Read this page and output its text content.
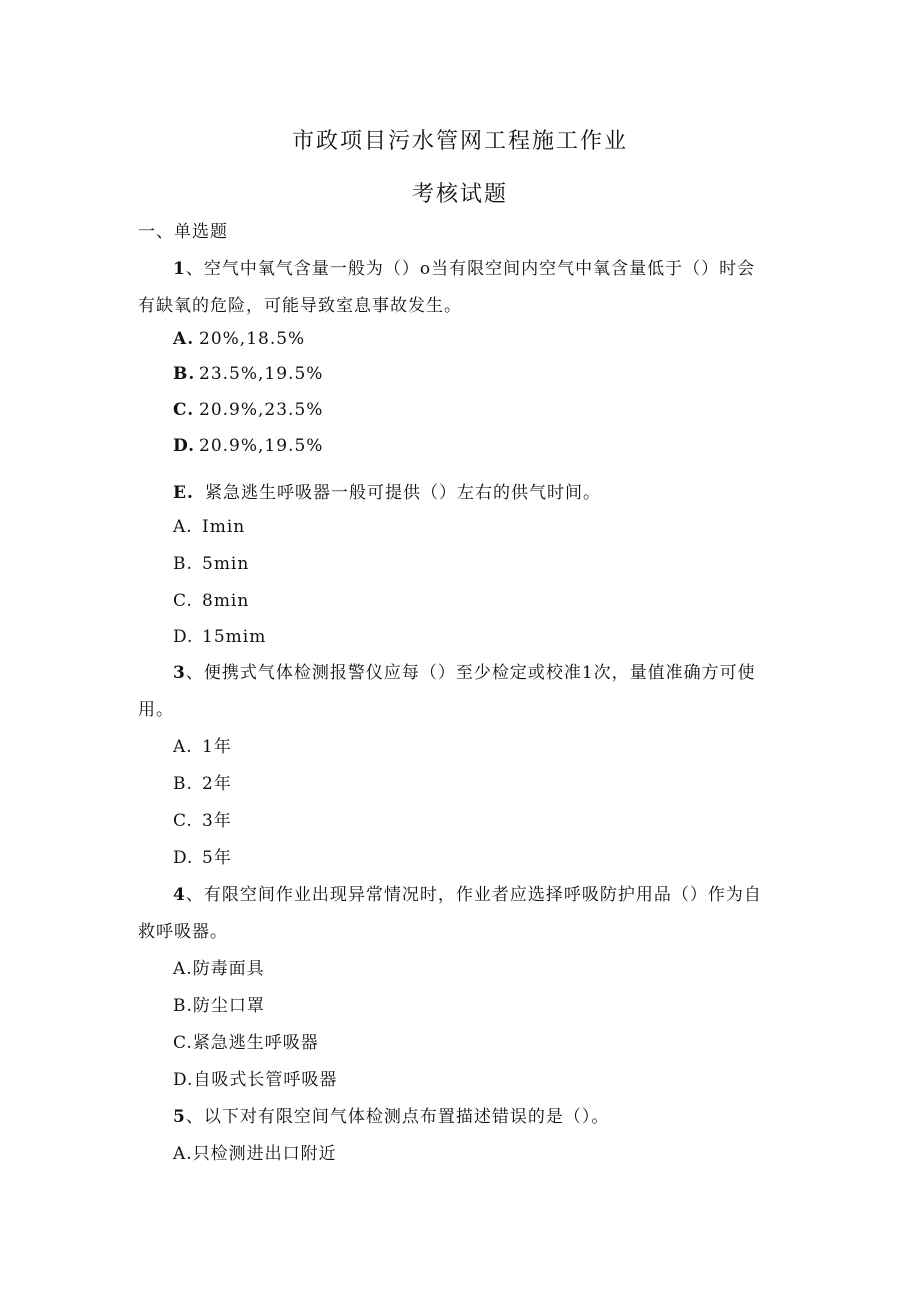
市政项目污水管网工程施工作业
考核试题
一、单选题
1、空气中氧气含量一般为（）o当有限空间内空气中氧含量低于（）时会
有缺氧的危险，可能导致室息事故发生。
A. 20%,18.5%
B. 23.5%,19.5%
C. 20.9%,23.5%
D. 20.9%,19.5%
E. 紧急逃生呼吸器一般可提供（）左右的供气时间。
A. Imin
B. 5min
C. 8min
D. 15mim
3、便携式气体检测报警仪应每（）至少检定或校准1次，量值准确方可使
用。
A. 1年
B. 2年
C. 3年
D. 5年
4、有限空间作业出现异常情况时，作业者应选择呼吸防护用品（）作为自
救呼吸器。
A.防毒面具
B.防尘口罩
C.紧急逃生呼吸器
D.自吸式长管呼吸器
5、以下对有限空间气体检测点布置描述错误的是（）。
A.只检测进出口附近
